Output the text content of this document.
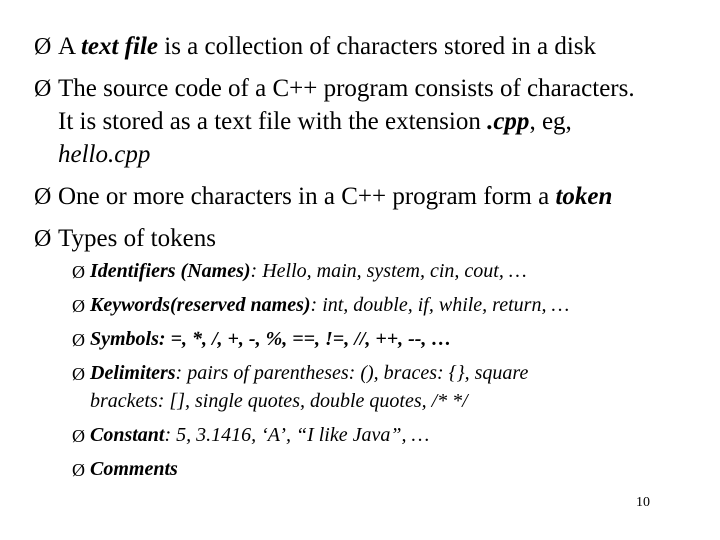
Ø A text file is a collection of characters stored in a disk
Ø The source code of a C++ program consists of characters.
It is stored as a text file with the extension .cpp, eg,
hello.cpp
Ø One or more characters in a C++ program form a token
Ø Types of tokens
Ø Identifiers (Names): Hello, main, system, cin, cout, …
Ø Keywords(reserved names): int, double, if, while, return, …
Ø Symbols: =, *, /, +, -, %, ==, !=, //, ++, --, …
Ø Delimiters: pairs of parentheses: (), braces: {}, square
brackets: [], single quotes, double quotes, /* */
Ø Constant: 5, 3.1416, ‘A’, “I like Java”, …
Ø Comments
10
